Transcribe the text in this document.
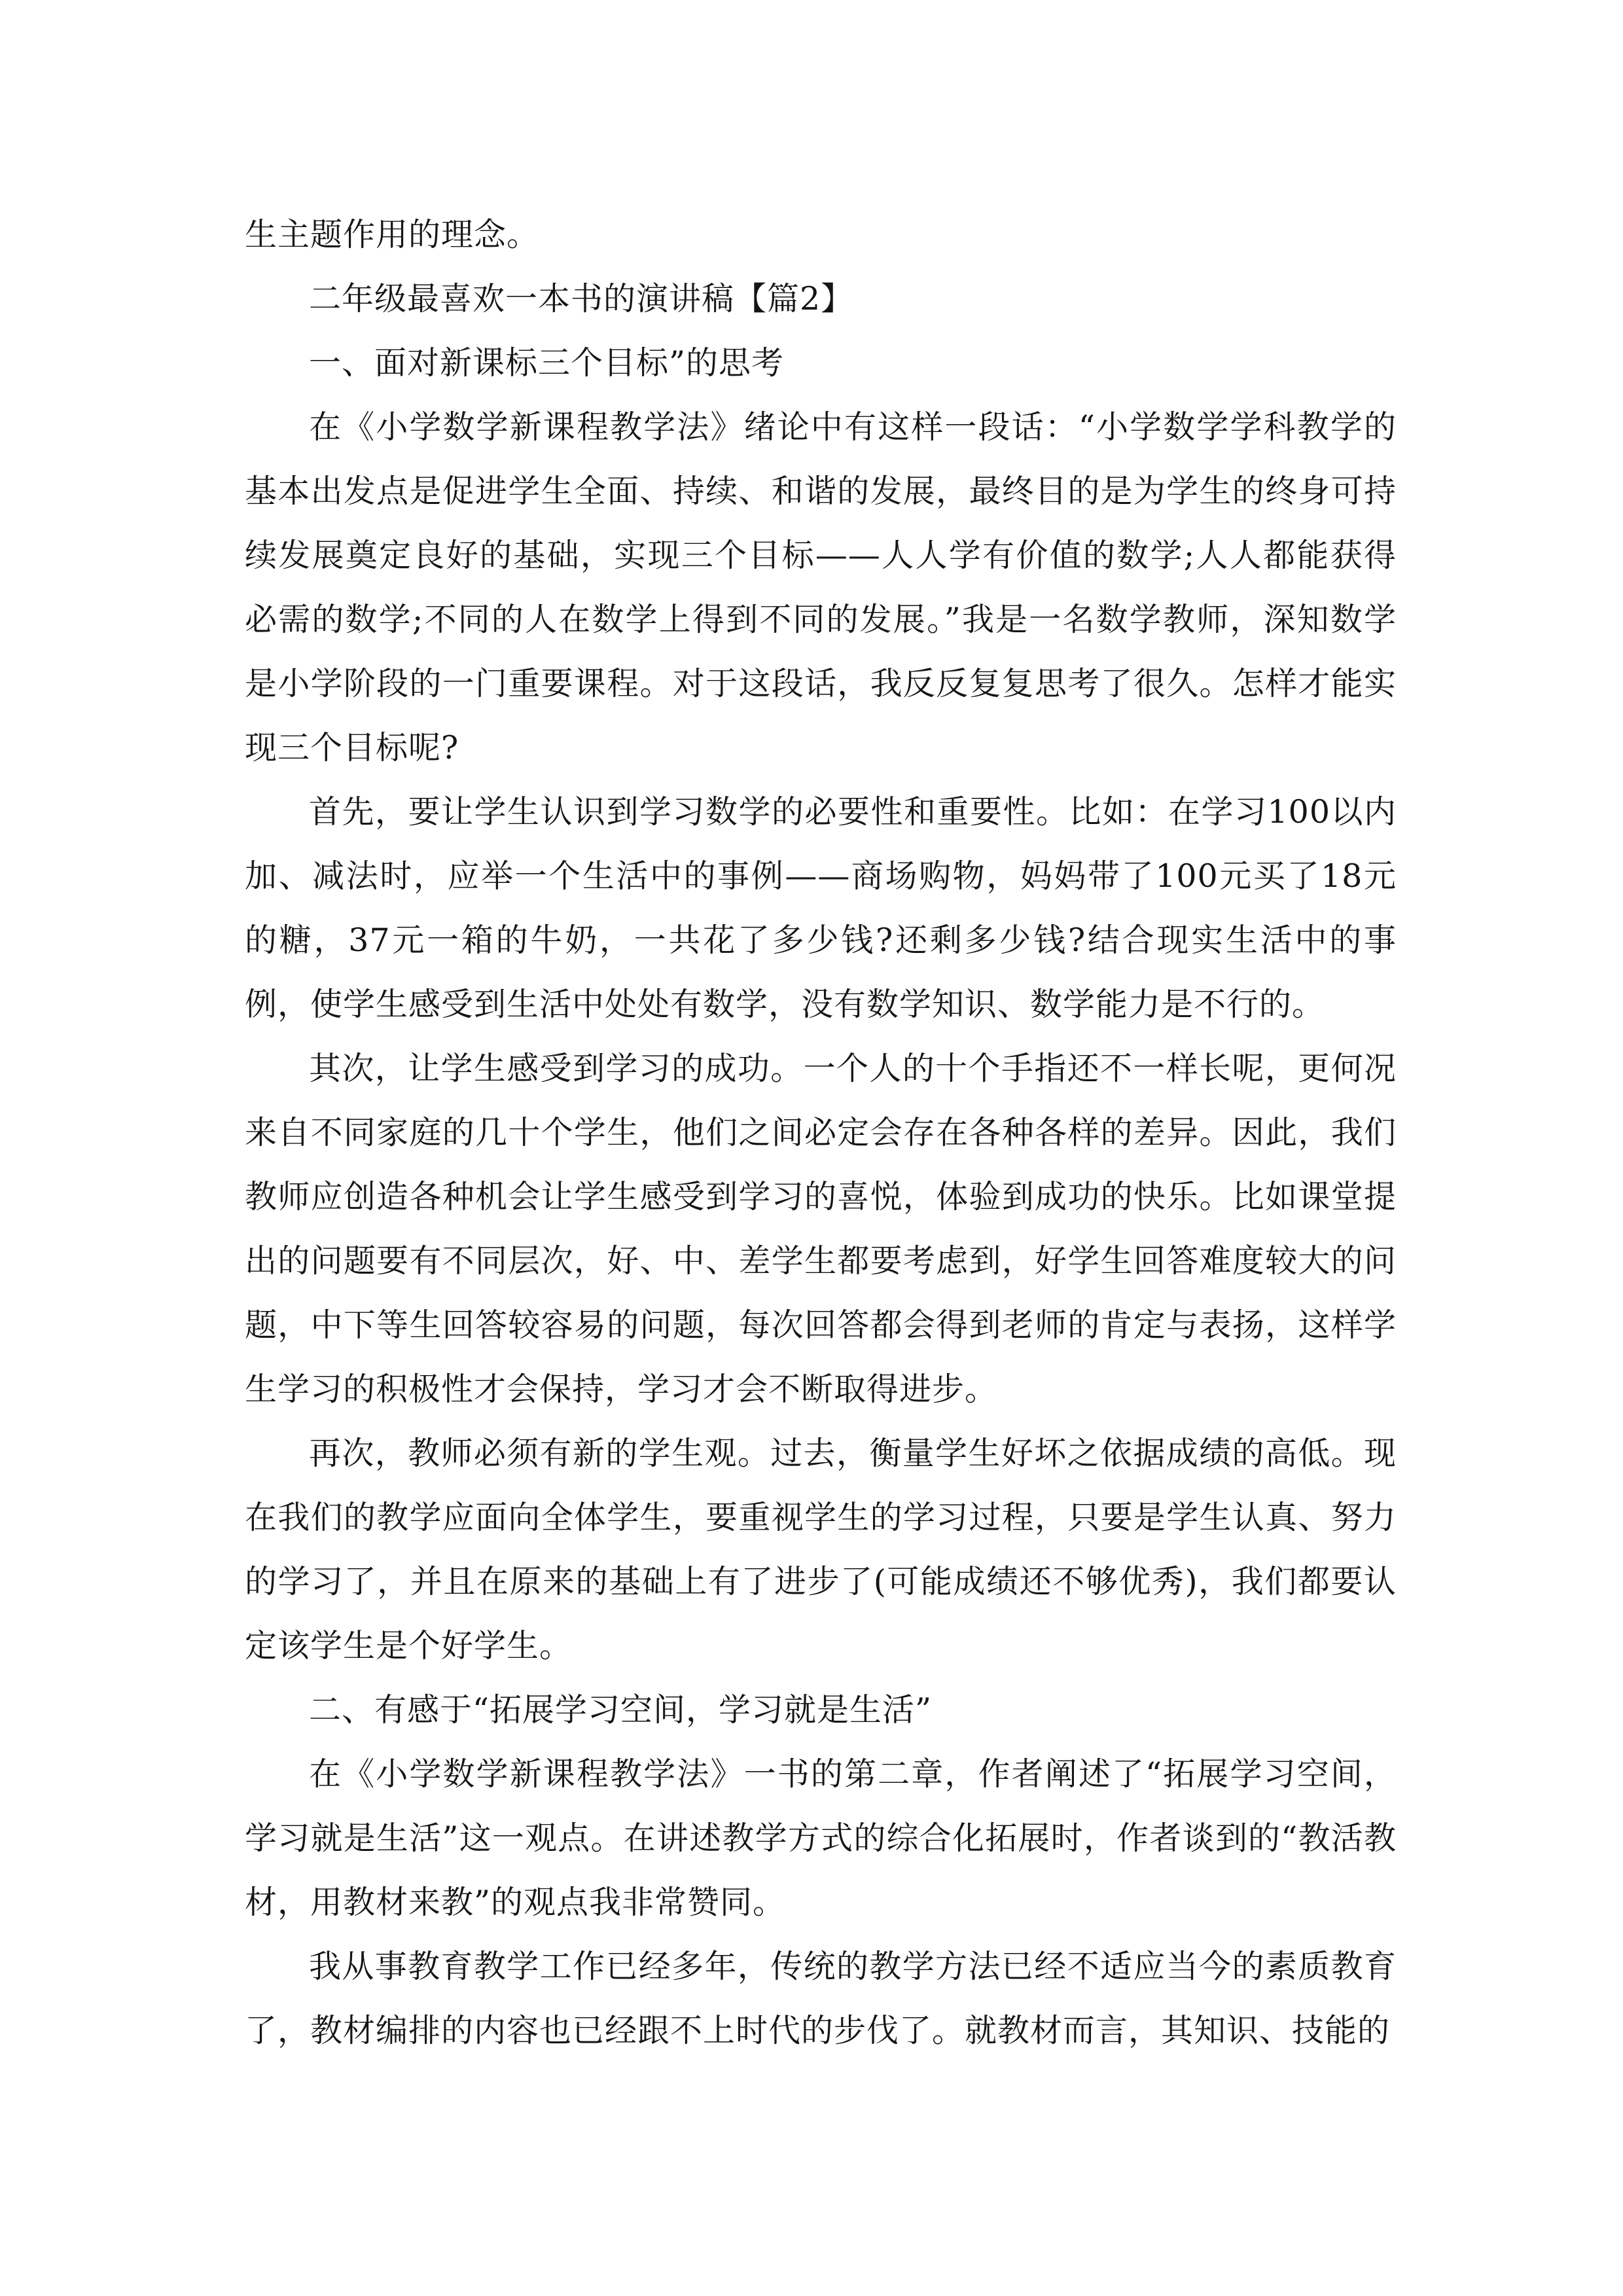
生主题作用的理念。

二年级最喜欢一本书的演讲稿【篇2】

一、面对新课标三个目标”的思考

在《小学数学新课程教学法》绪论中有这样一段话：“小学数学学科教学的基本出发点是促进学生全面、持续、和谐的发展，最终目的是为学生的终身可持续发展奠定良好的基础，实现三个目标——人人学有价值的数学;人人都能获得必需的数学;不同的人在数学上得到不同的发展。”我是一名数学教师，深知数学是小学阶段的一门重要课程。对于这段话，我反反复复思考了很久。怎样才能实现三个目标呢?

首先，要让学生认识到学习数学的必要性和重要性。比如：在学习100以内加、减法时，应举一个生活中的事例——商场购物，妈妈带了100元买了18元的糖，37元一箱的牛奶，一共花了多少钱?还剩多少钱?结合现实生活中的事例，使学生感受到生活中处处有数学，没有数学知识、数学能力是不行的。

其次，让学生感受到学习的成功。一个人的十个手指还不一样长呢，更何况来自不同家庭的几十个学生，他们之间必定会存在各种各样的差异。因此，我们教师应创造各种机会让学生感受到学习的喜悦，体验到成功的快乐。比如课堂提出的问题要有不同层次，好、中、差学生都要考虑到，好学生回答难度较大的问题，中下等生回答较容易的问题，每次回答都会得到老师的肯定与表扬，这样学生学习的积极性才会保持，学习才会不断取得进步。

再次，教师必须有新的学生观。过去，衡量学生好坏之依据成绩的高低。现在我们的教学应面向全体学生，要重视学生的学习过程，只要是学生认真、努力的学习了，并且在原来的基础上有了进步了(可能成绩还不够优秀)，我们都要认定该学生是个好学生。

二、有感于“拓展学习空间，学习就是生活”

在《小学数学新课程教学法》一书的第二章，作者阐述了“拓展学习空间，学习就是生活”这一观点。在讲述教学方式的综合化拓展时，作者谈到的“教活教材，用教材来教”的观点我非常赞同。

我从事教育教学工作已经多年，传统的教学方法已经不适应当今的素质教育了，教材编排的内容也已经跟不上时代的步伐了。就教材而言，其知识、技能的
